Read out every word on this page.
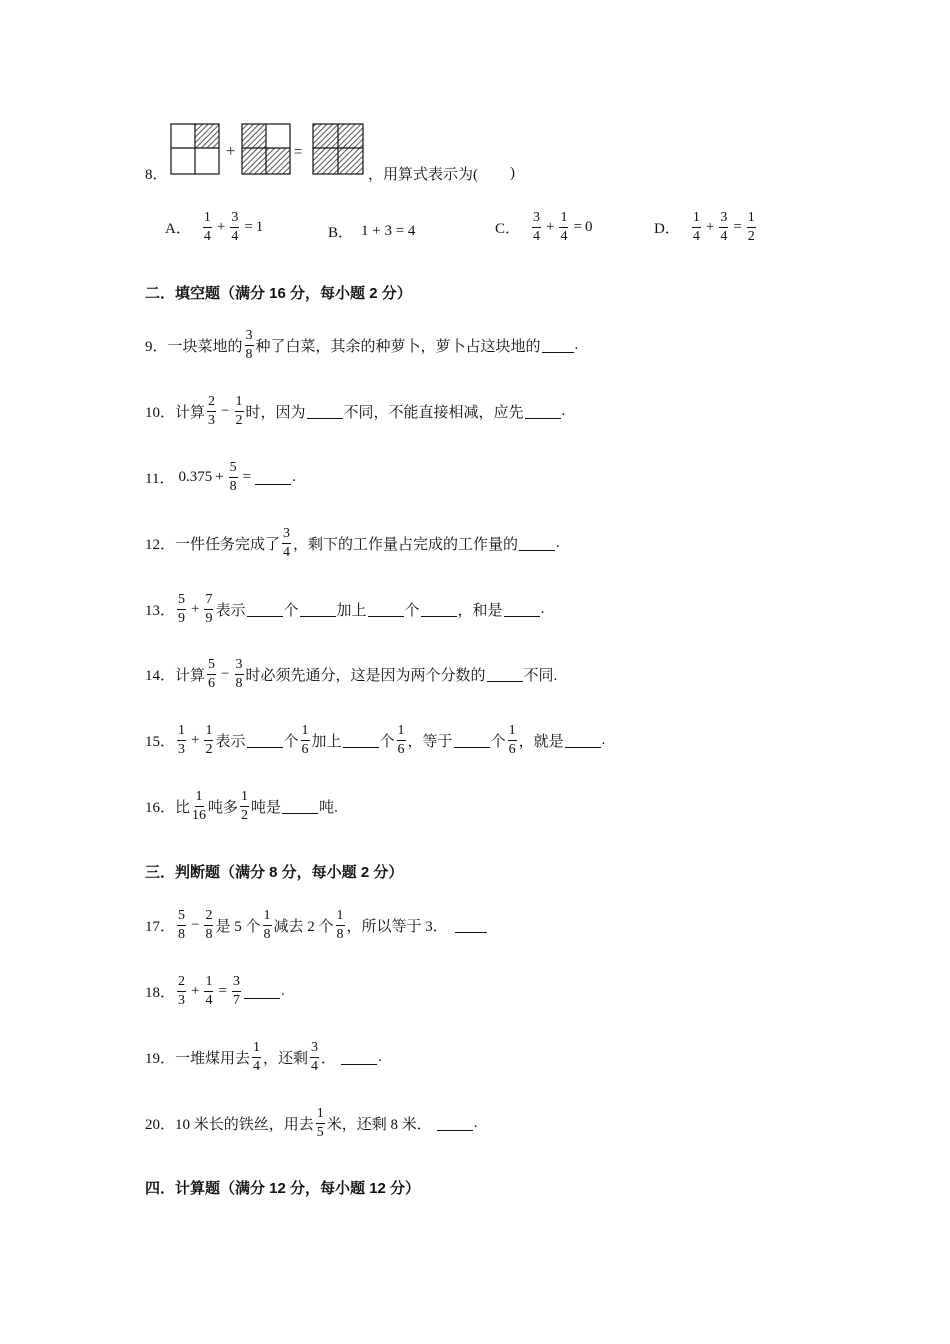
+	=
8．	，用算式表示为( )
A． $\frac{1}{4} + \frac{3}{4} = 1$	B． 1 + 3 = 4	C． $\frac{3}{4} + \frac{1}{4} = 0$	D． $\frac{1}{4} + \frac{3}{4} = \frac{1}{2}$
二．填空题（满分 16 分，每小题 2 分）
9． 一块菜地的 $\frac{3}{8}$ 种了白菜，其余的种萝卜，萝卜占这块地的 .
10． 计算 $\frac{2}{3} - \frac{1}{2}$ 时，因为	不同，不能直接相减，应先	.
11． $0.375 + \frac{5}{8}$ =	.
12． 一件任务完成了 $\frac{3}{4}$ ，剩下的工作量占完成的工作量的	.
13． $\frac{5}{9} + \frac{7}{9}$ 表示	个	加上	个	，和是	.
14． 计算 $\frac{5}{6} - \frac{3}{8}$ 时必须先通分，这是因为两个分数的	不同.
15． $\frac{1}{3} + \frac{1}{2}$ 表示	个 $\frac{1}{6}$ 加上	个 $\frac{1}{6}$ ，等于	个 $\frac{1}{6}$ ，就是	.
16． 比 $\frac{1}{16}$ 吨多 $\frac{1}{2}$ 吨是	吨.
三．判断题（满分 8 分，每小题 2 分）
17． $\frac{5}{8} - \frac{2}{8}$ 是 5 个 $\frac{1}{8}$ 减去 2 个 $\frac{1}{8}$ ，所以等于 3．
18． $\frac{2}{3} + \frac{1}{4} = \frac{3}{7}$	.
19． 一堆煤用去 $\frac{1}{4}$ ，还剩 $\frac{3}{4}$ ．	.
20． 10 米长的铁丝，用去 $\frac{1}{5}$ 米，还剩 8 米．	.
四．计算题（满分 12 分，每小题 12 分）
